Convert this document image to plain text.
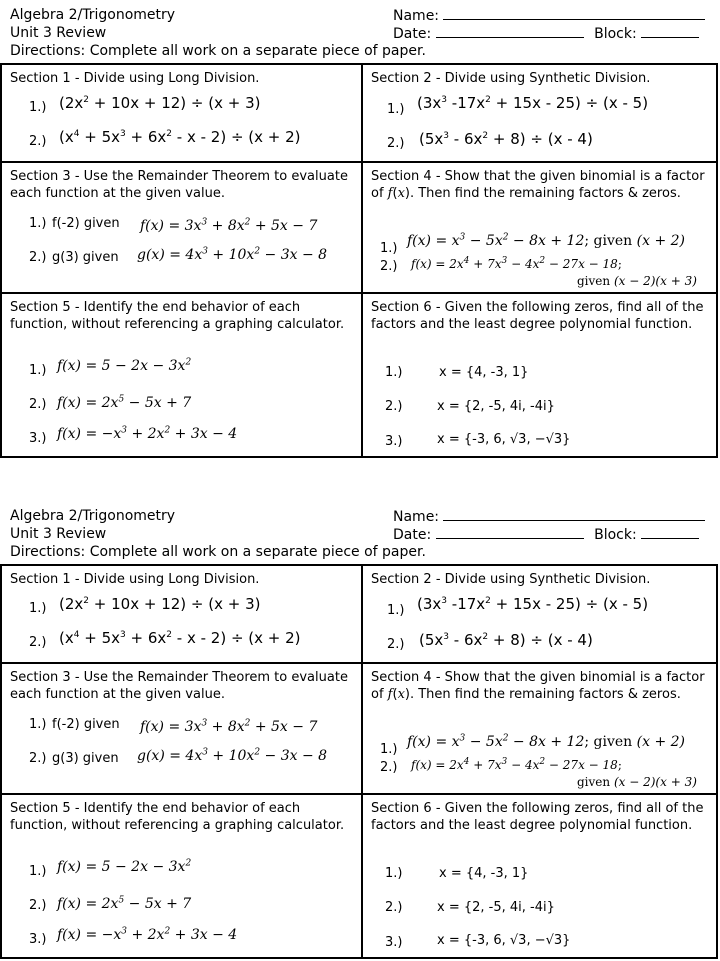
Algebra 2/Trigonometry
Unit 3 Review
Directions: Complete all work on a separate piece of paper.
Name:
Date:	Block:
Section 1 - Divide using Long Division.
1.) $(2x^2 + 10x + 12) \div (x + 3)$
2.) $(x^4 + 5x^3 + 6x^2 - x - 2) \div (x + 2)$
Section 2 - Divide using Synthetic Division.
1.) ($3x^3$ $-17x^2 + 15x - 25) \div (x - 5)$
2.) $(5x^3 - 6x^2 + 8) \div (x - 4)$
Section 3 - Use the Remainder Theorem to evaluate each function at the given value.
1.) f(-2) given $f(x) = 3x^3 + 8x^2 + 5x - 7$
2.) g(3) given $g(x) = 4x^3 + 10x^2 - 3x - 8$
Section 4 - Show that the given binomial is a factor of f(x). Then find the remaining factors & zeros.
1.) $f(x) = x^3 - 5x^2 - 8x + 12$; given (x + 2)
2.) $f(x) = 2x^4 + 7x^3 - 4x^2 - 27x - 18$;
given (x − 2)(x + 3)
Section 5 - Identify the end behavior of each function, without referencing a graphing calculator.
1.) $f(x) = 5 - 2x - 3x^2$
2.) $f(x) = 2x^5 - 5x + 7$
3.) $f(x) = -x^3 + 2x^2 + 3x - 4$
Section 6 - Given the following zeros, find all of the factors and the least degree polynomial function.
1.)	x = {4, -3, 1}
2.)	x = {2, -5, 4i, -4i}
3.)	x = {-3, 6, √3, −√3}
Algebra 2/Trigonometry
Unit 3 Review
Directions: Complete all work on a separate piece of paper.
Name:
Date:	Block:
Section 1 - Divide using Long Division.
1.) $(2x^2 + 10x + 12) \div (x + 3)$
2.) $(x^4 + 5x^3 + 6x^2 - x - 2) \div (x + 2)$
Section 2 - Divide using Synthetic Division.
1.) ($3x^3$ $-17x^2 + 15x - 25) \div (x - 5)$
2.) $(5x^3 - 6x^2 + 8) \div (x - 4)$
Section 3 - Use the Remainder Theorem to evaluate each function at the given value.
1.) f(-2) given $f(x) = 3x^3 + 8x^2 + 5x - 7$
2.) g(3) given $g(x) = 4x^3 + 10x^2 - 3x - 8$
Section 4 - Show that the given binomial is a factor of f(x). Then find the remaining factors & zeros.
1.) $f(x) = x^3 - 5x^2 - 8x + 12$; given (x + 2)
2.) $f(x) = 2x^4 + 7x^3 - 4x^2 - 27x - 18$;
given (x − 2)(x + 3)
Section 5 - Identify the end behavior of each function, without referencing a graphing calculator.
1.) $f(x) = 5 - 2x - 3x^2$
2.) $f(x) = 2x^5 - 5x + 7$
3.) $f(x) = -x^3 + 2x^2 + 3x - 4$
Section 6 - Given the following zeros, find all of the factors and the least degree polynomial function.
1.)	x = {4, -3, 1}
2.)	x = {2, -5, 4i, -4i}
3.)	x = {-3, 6, √3, −√3}
